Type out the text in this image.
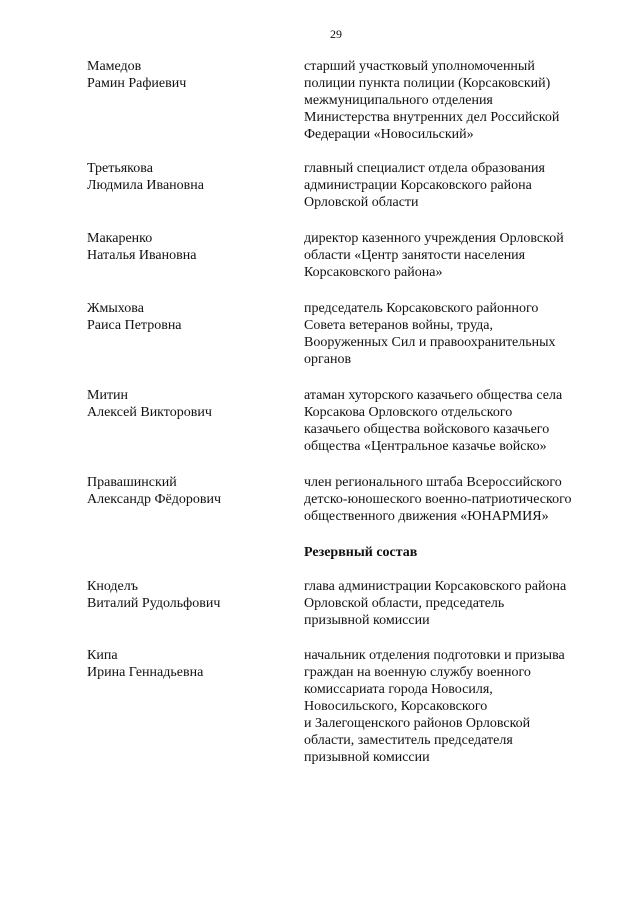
29
Мамедов
Рамин Рафиевич
старший участковый уполномоченный
полиции пункта полиции (Корсаковский)
межмуниципального отделения
Министерства внутренних дел Российской
Федерации «Новосильский»
Третьякова
Людмила Ивановна
главный специалист отдела образования
администрации Корсаковского района
Орловской области
Макаренко
Наталья Ивановна
директор казенного учреждения Орловской
области «Центр занятости населения
Корсаковского района»
Жмыхова
Раиса Петровна
председатель Корсаковского районного
Совета ветеранов войны, труда,
Вооруженных Сил и правоохранительных
органов
Митин
Алексей Викторович
атаман хуторского казачьего общества села
Корсакова Орловского отдельского
казачьего общества войскового казачьего
общества «Центральное казачье войско»
Правашинский
Александр Фёдорович
член регионального штаба Всероссийского
детско-юношеского военно-патриотического
общественного движения «ЮНАРМИЯ»
Резервный состав
Кноделъ
Виталий Рудольфович
глава администрации Корсаковского района
Орловской области, председатель
призывной комиссии
Кипа
Ирина Геннадьевна
начальник отделения подготовки и призыва
граждан на военную службу военного
комиссариата города Новосиля,
Новосильского, Корсаковского
и Залегощенского районов Орловской
области, заместитель председателя
призывной комиссии
